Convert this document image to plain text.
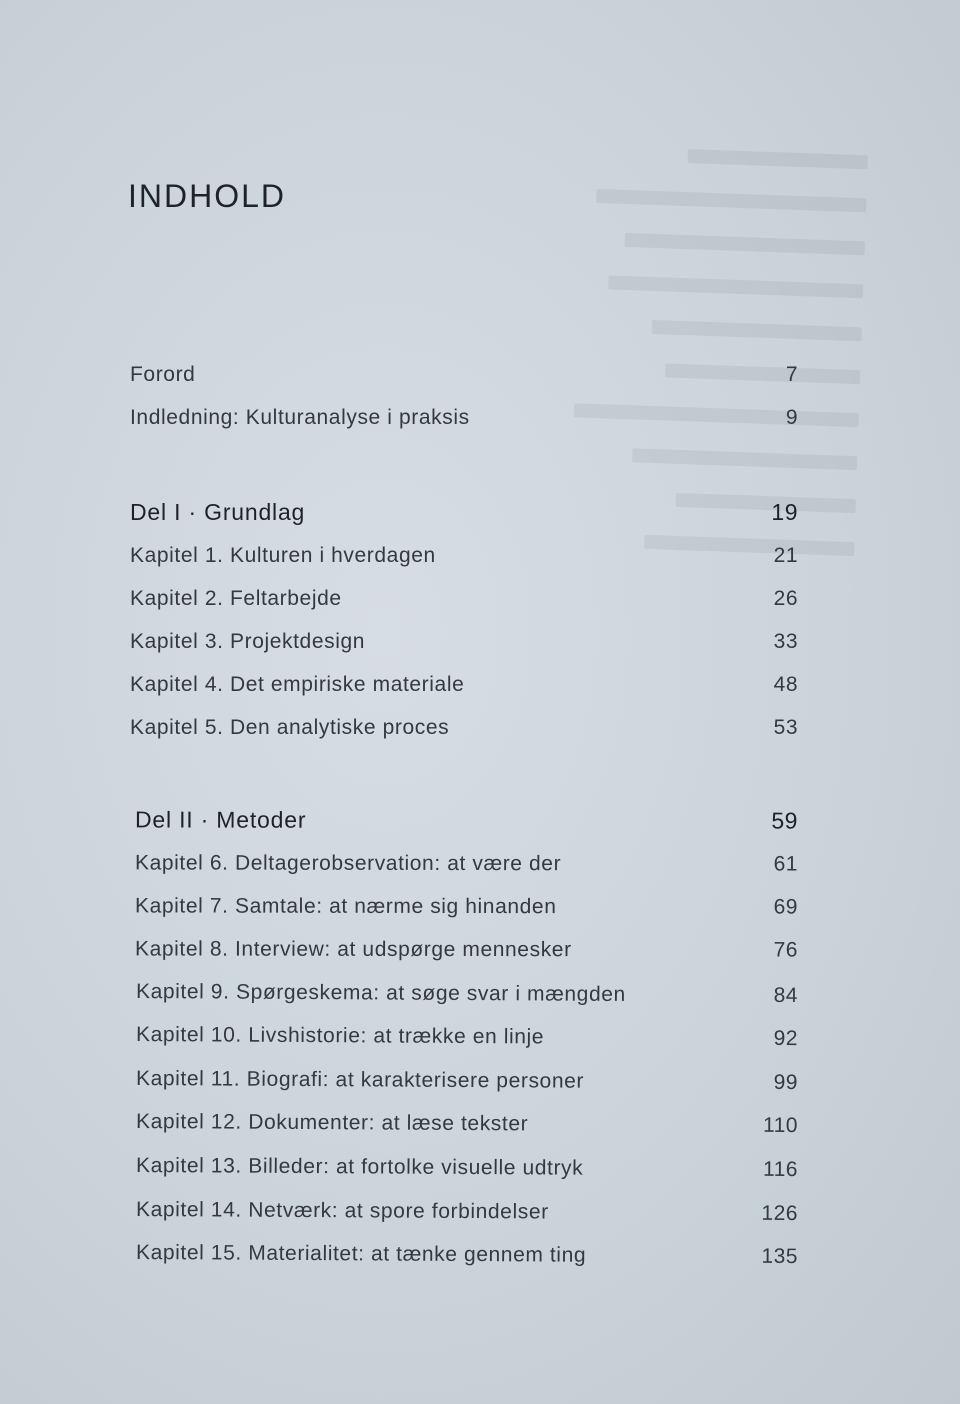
INDHOLD
Forord	7
Indledning: Kulturanalyse i praksis	9
Del I · Grundlag	19
Kapitel 1. Kulturen i hverdagen	21
Kapitel 2. Feltarbejde	26
Kapitel 3. Projektdesign	33
Kapitel 4. Det empiriske materiale	48
Kapitel 5. Den analytiske proces	53
Del II · Metoder	59
Kapitel 6. Deltagerobservation: at være der	61
Kapitel 7. Samtale: at nærme sig hinanden	69
Kapitel 8. Interview: at udspørge mennesker	76
Kapitel 9. Spørgeskema: at søge svar i mængden	84
Kapitel 10. Livshistorie: at trække en linje	92
Kapitel 11. Biografi: at karakterisere personer	99
Kapitel 12. Dokumenter: at læse tekster	110
Kapitel 13. Billeder: at fortolke visuelle udtryk	116
Kapitel 14. Netværk: at spore forbindelser	126
Kapitel 15. Materialitet: at tænke gennem ting	135
